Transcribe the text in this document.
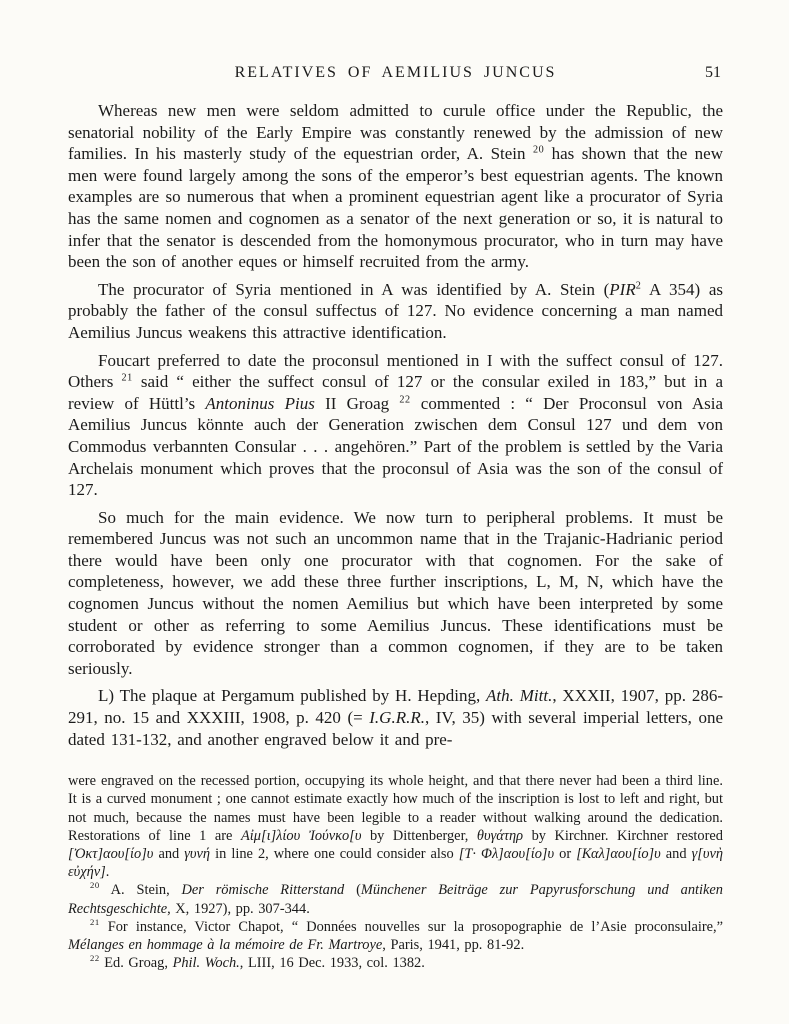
RELATIVES OF AEMILIUS JUNCUS	51

Whereas new men were seldom admitted to curule office under the Republic, the senatorial nobility of the Early Empire was constantly renewed by the admission of new families. In his masterly study of the equestrian order, A. Stein $^{20}$ has shown that the new men were found largely among the sons of the emperor’s best equestrian agents. The known examples are so numerous that when a prominent equestrian agent like a procurator of Syria has the same nomen and cognomen as a senator of the next generation or so, it is natural to infer that the senator is descended from the homonymous procurator, who in turn may have been the son of another eques or himself recruited from the army.

The procurator of Syria mentioned in A was identified by A. Stein (PIR$^2$ A 354) as probably the father of the consul suffectus of 127. No evidence concerning a man named Aemilius Juncus weakens this attractive identification.

Foucart preferred to date the proconsul mentioned in I with the suffect consul of 127. Others $^{21}$ said “ either the suffect consul of 127 or the consular exiled in 183,” but in a review of Hüttl’s Antoninus Pius II Groag $^{22}$ commented : “ Der Proconsul von Asia Aemilius Juncus könnte auch der Generation zwischen dem Consul 127 und dem von Commodus verbannten Consular . . . angehören.” Part of the problem is settled by the Varia Archelais monument which proves that the proconsul of Asia was the son of the consul of 127.

So much for the main evidence. We now turn to peripheral problems. It must be remembered Juncus was not such an uncommon name that in the Trajanic-Hadrianic period there would have been only one procurator with that cognomen. For the sake of completeness, however, we add these three further inscriptions, L, M, N, which have the cognomen Juncus without the nomen Aemilius but which have been interpreted by some student or other as referring to some Aemilius Juncus. These identifications must be corroborated by evidence stronger than a common cognomen, if they are to be taken seriously.

L) The plaque at Pergamum published by H. Hepding, Ath. Mitt., XXXII, 1907, pp. 286-291, no. 15 and XXXIII, 1908, p. 420 (= I.G.R.R., IV, 35) with several imperial letters, one dated 131-132, and another engraved below it and pre-

were engraved on the recessed portion, occupying its whole height, and that there never had been a third line. It is a curved monument ; one cannot estimate exactly how much of the inscription is lost to left and right, but not much, because the names must have been legible to a reader without walking around the dedication. Restorations of line 1 are Αἰμ[ι]λίου Ἰούνκο[υ by Dittenberger, θυγάτηρ by Kirchner. Kirchner restored [Ὀκτ]αου[ίο]υ and γυνή in line 2, where one could consider also [Τ· Φλ]αου[ίο]υ or [Καλ]αου[ίο]υ and γ[υνὴ εὐχήν].

$^{20}$ A. Stein, Der römische Ritterstand (Münchener Beiträge zur Papyrusforschung und antiken Rechtsgeschichte, X, 1927), pp. 307-344.

$^{21}$ For instance, Victor Chapot, “ Données nouvelles sur la prosopographie de l’Asie proconsulaire,” Mélanges en hommage à la mémoire de Fr. Martroye, Paris, 1941, pp. 81-92.

$^{22}$ Ed. Groag, Phil. Woch., LIII, 16 Dec. 1933, col. 1382.
